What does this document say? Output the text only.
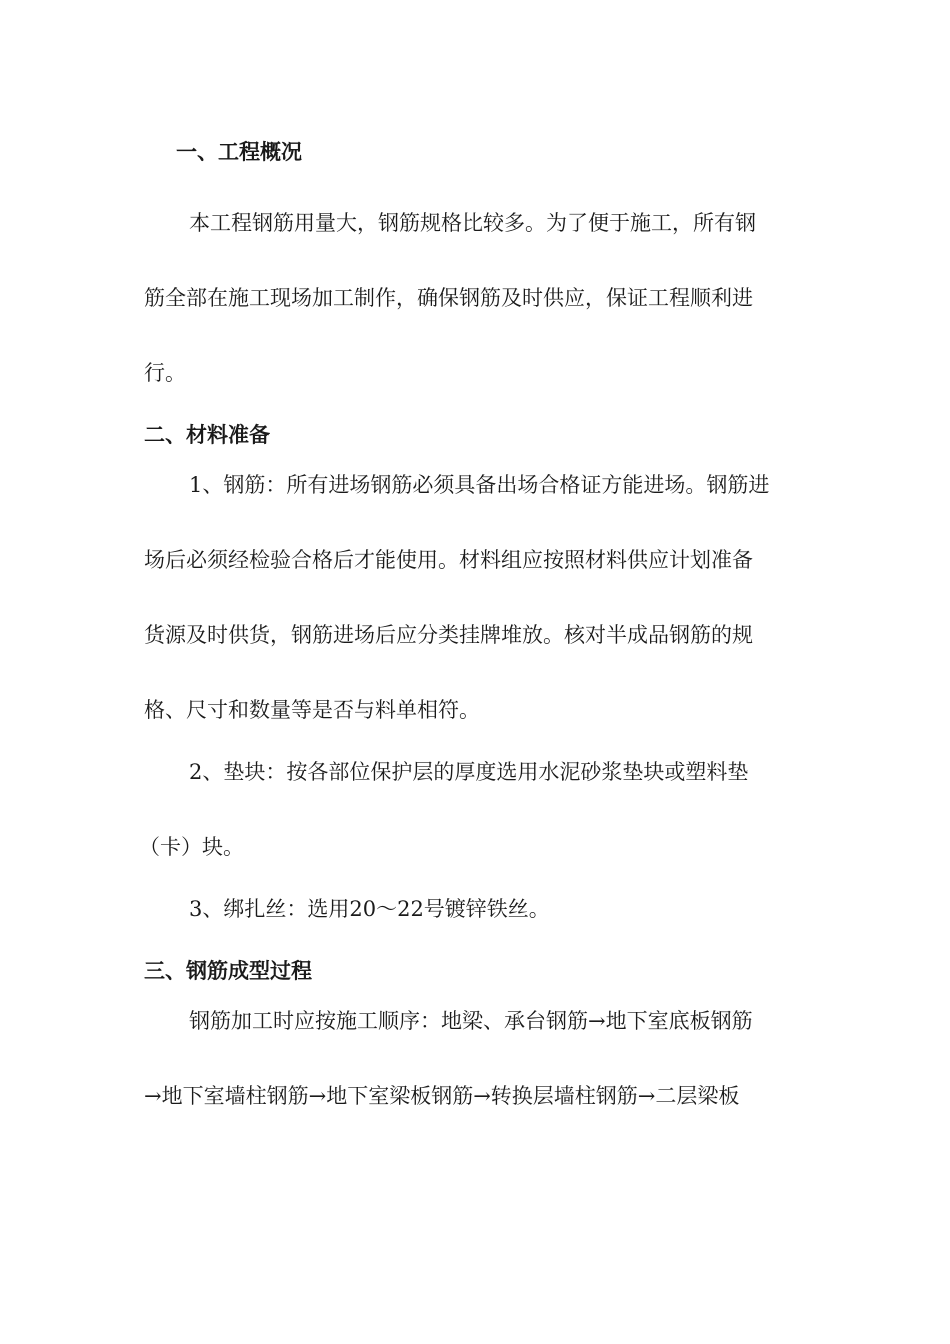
一、工程概况
本工程钢筋用量大，钢筋规格比较多。为了便于施工，所有钢
筋全部在施工现场加工制作，确保钢筋及时供应，保证工程顺利进
行。
二、材料准备
1、钢筋：所有进场钢筋必须具备出场合格证方能进场。钢筋进
场后必须经检验合格后才能使用。材料组应按照材料供应计划准备
货源及时供货，钢筋进场后应分类挂牌堆放。核对半成品钢筋的规
格、尺寸和数量等是否与料单相符。
2、垫块：按各部位保护层的厚度选用水泥砂浆垫块或塑料垫
（卡）块。
3、绑扎丝：选用20～22号镀锌铁丝。
三、钢筋成型过程
钢筋加工时应按施工顺序：地梁、承台钢筋→地下室底板钢筋
→地下室墙柱钢筋→地下室梁板钢筋→转换层墙柱钢筋→二层梁板
